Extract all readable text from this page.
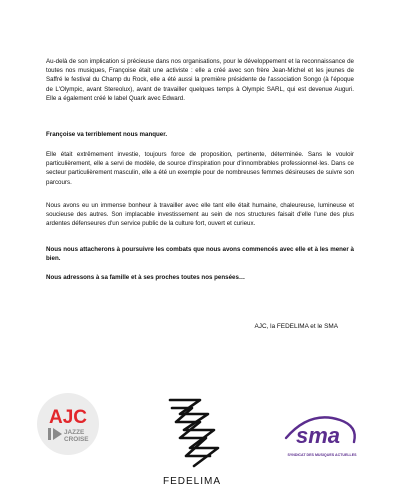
Au-delà de son implication si précieuse dans nos organisations, pour le développement et la reconnaissance de toutes nos musiques, Françoise était une activiste : elle a créé avec son frère Jean-Michel et les jeunes de Saffré le festival du Champ du Rock, elle a été aussi la première présidente de l'association Songo (à l'époque de L'Olympic, avant Stereolux), avant de travailler quelques temps à Olympic SARL, qui est devenue Auguri. Elle a également créé le label Quark avec Edward.

Françoise va terriblement nous manquer.

Elle était extrêmement investie, toujours force de proposition, pertinente, déterminée. Sans le vouloir particulièrement, elle a servi de modèle, de source d'inspiration pour d'innombrables professionnel·les. Dans ce secteur particulièrement masculin, elle a été un exemple pour de nombreuses femmes désireuses de suivre son parcours.

Nous avons eu un immense bonheur à travailler avec elle tant elle était humaine, chaleureuse, lumineuse et soucieuse des autres. Son implacable investissement au sein de nos structures faisait d'elle l'une des plus ardentes défenseures d'un service public de la culture fort, ouvert et curieux.

Nous nous attacherons à poursuivre les combats que nous avons commencés avec elle et à les mener à bien.

Nous adressons à sa famille et à ses proches toutes nos pensées…

AJC, la FEDELIMA et le SMA
AJC
JAZZE
CROISE
FEDELIMA
sma
SYNDICAT DES MUSIQUES ACTUELLES
